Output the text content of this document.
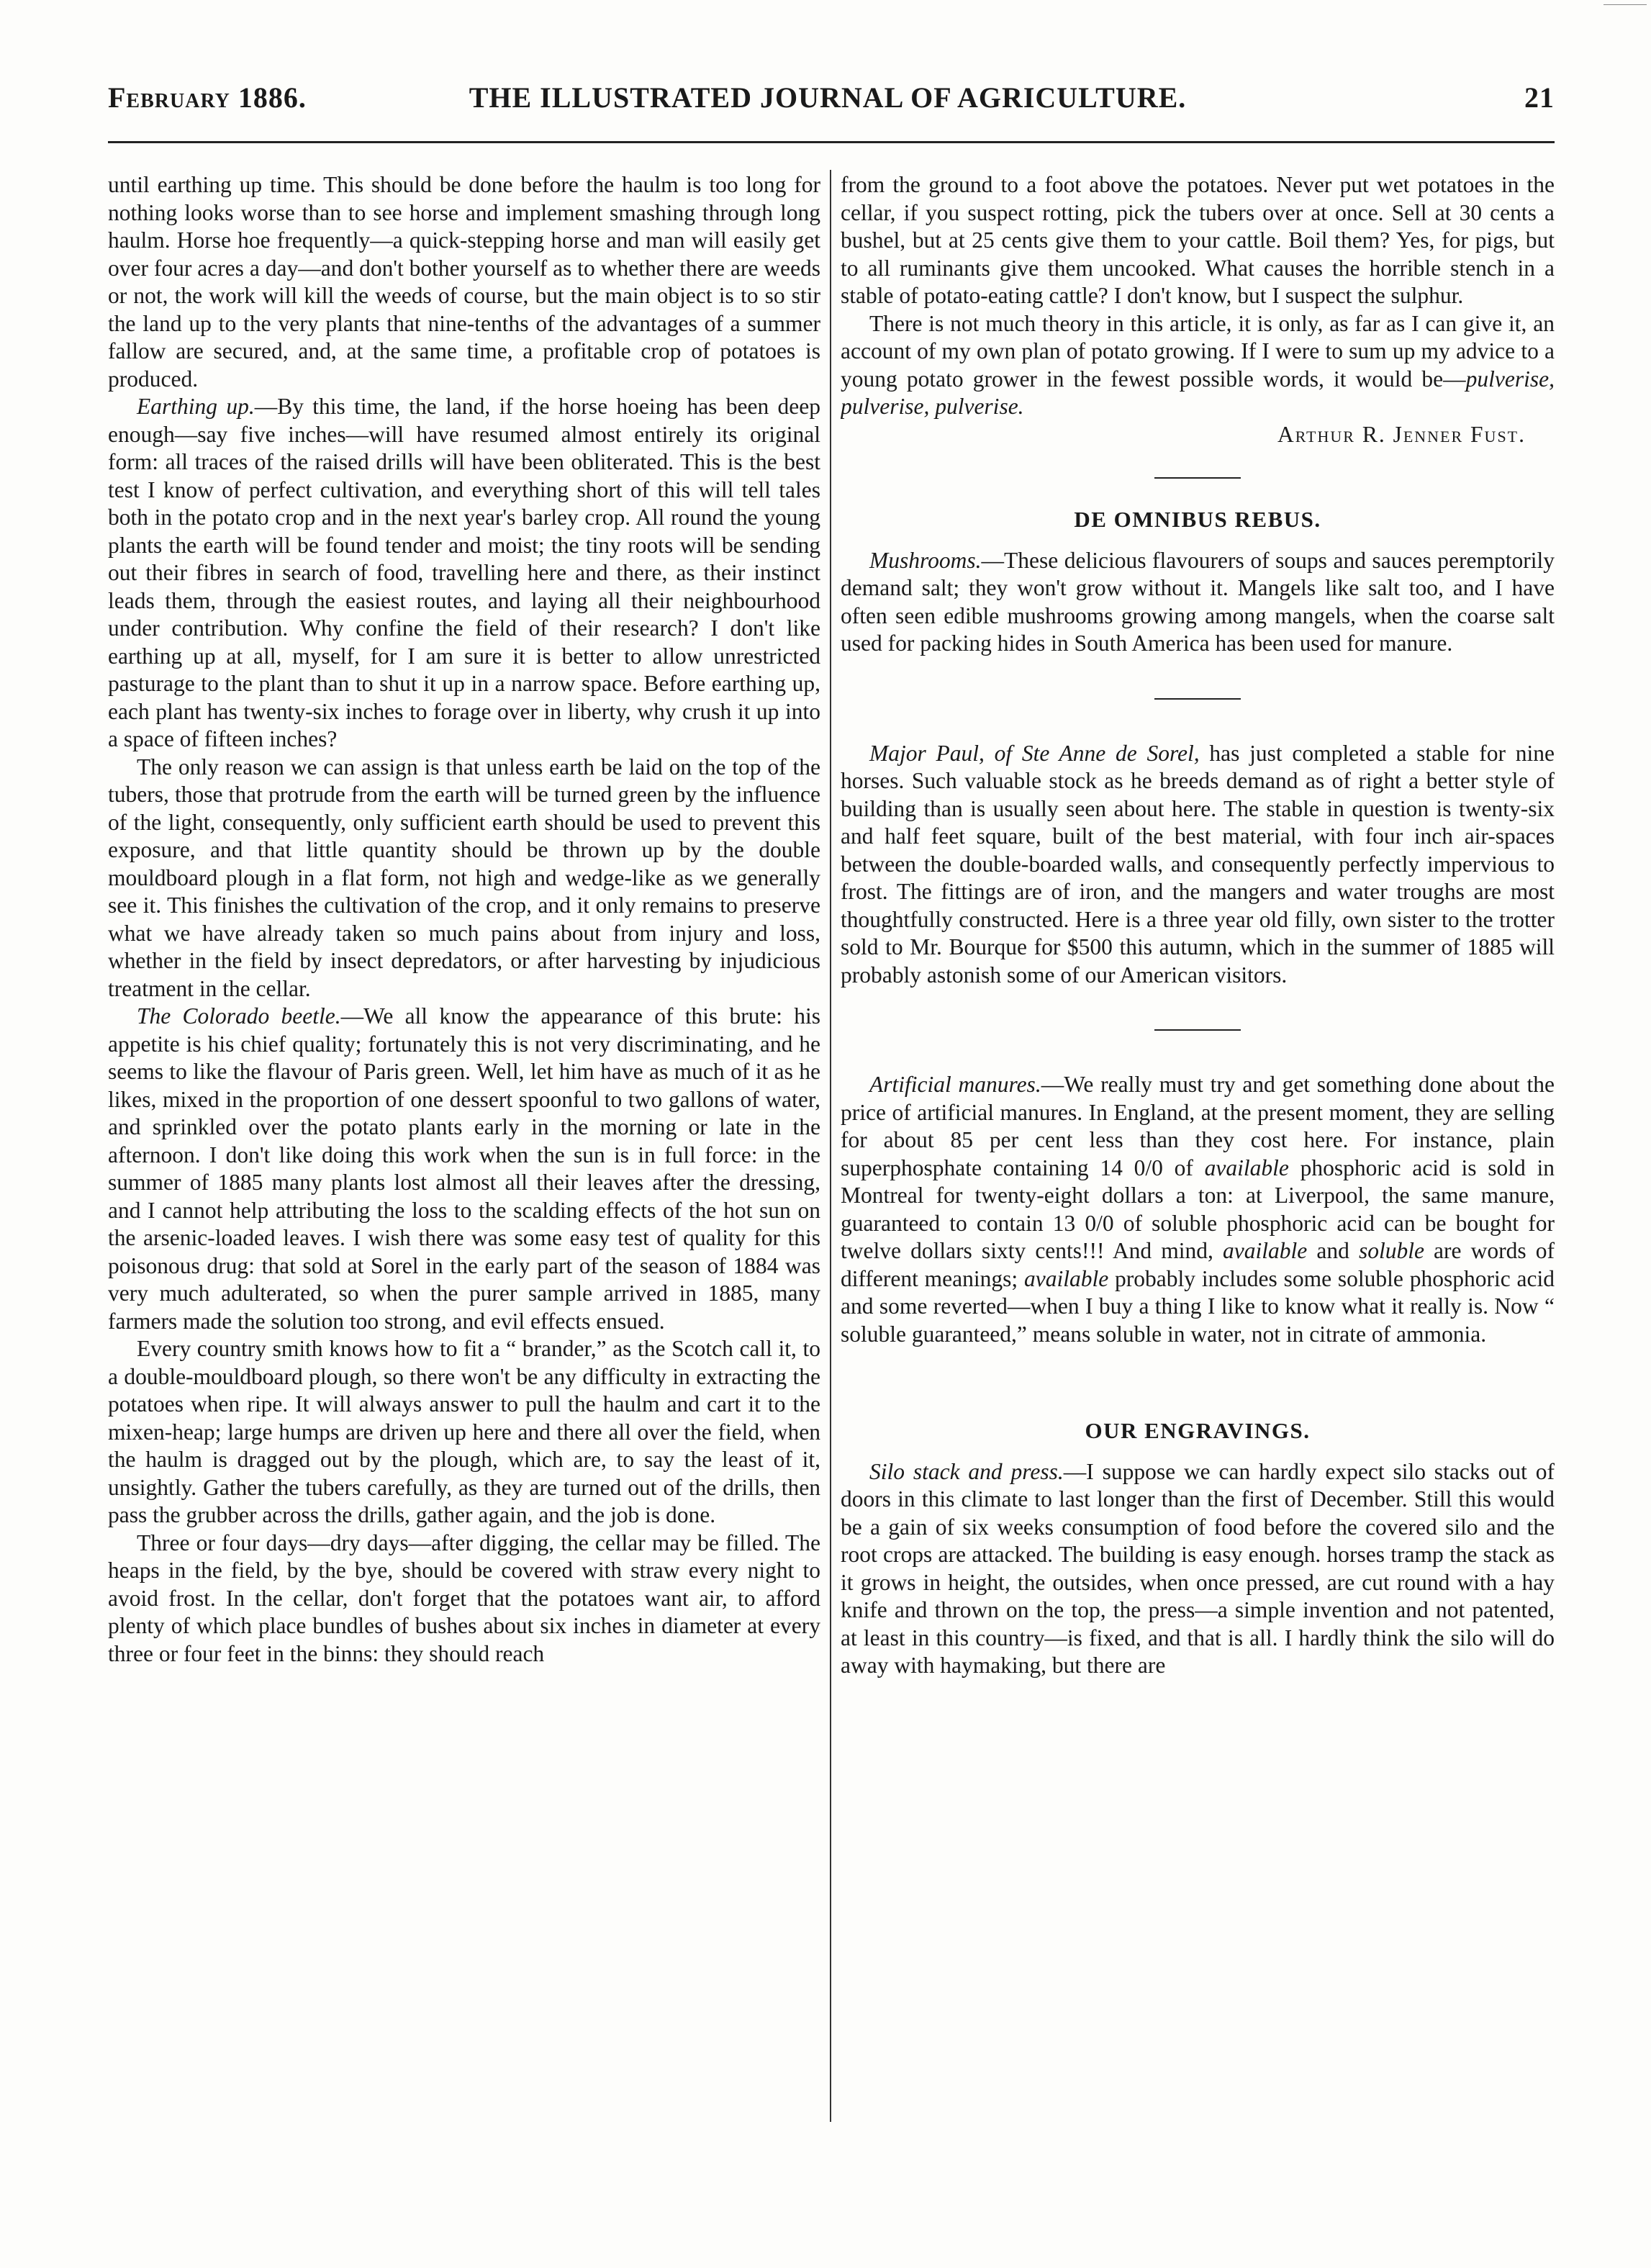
February 1886.	THE ILLUSTRATED JOURNAL OF AGRICULTURE.	21

until earthing up time. This should be done before the haulm is too long for nothing looks worse than to see horse and implement smashing through long haulm. Horse hoe frequently—a quick-stepping horse and man will easily get over four acres a day—and don't bother yourself as to whether there are weeds or not, the work will kill the weeds of course, but the main object is to so stir the land up to the very plants that nine-tenths of the advantages of a summer fallow are secured, and, at the same time, a profitable crop of potatoes is produced.

Earthing up.—By this time, the land, if the horse hoeing has been deep enough—say five inches—will have resumed almost entirely its original form: all traces of the raised drills will have been obliterated. This is the best test I know of perfect cultivation, and everything short of this will tell tales both in the potato crop and in the next year's barley crop. All round the young plants the earth will be found tender and moist; the tiny roots will be sending out their fibres in search of food, travelling here and there, as their instinct leads them, through the easiest routes, and laying all their neighbourhood under contribution. Why confine the field of their research? I don't like earthing up at all, myself, for I am sure it is better to allow unrestricted pasturage to the plant than to shut it up in a narrow space. Before earthing up, each plant has twenty-six inches to forage over in liberty, why crush it up into a space of fifteen inches?

The only reason we can assign is that unless earth be laid on the top of the tubers, those that protrude from the earth will be turned green by the influence of the light, consequently, only sufficient earth should be used to prevent this exposure, and that little quantity should be thrown up by the double mouldboard plough in a flat form, not high and wedge-like as we generally see it. This finishes the cultivation of the crop, and it only remains to preserve what we have already taken so much pains about from injury and loss, whether in the field by insect depredators, or after harvesting by injudicious treatment in the cellar.

The Colorado beetle.—We all know the appearance of this brute: his appetite is his chief quality; fortunately this is not very discriminating, and he seems to like the flavour of Paris green. Well, let him have as much of it as he likes, mixed in the proportion of one dessert spoonful to two gallons of water, and sprinkled over the potato plants early in the morning or late in the afternoon. I don't like doing this work when the sun is in full force: in the summer of 1885 many plants lost almost all their leaves after the dressing, and I cannot help attributing the loss to the scalding effects of the hot sun on the arsenic-loaded leaves. I wish there was some easy test of quality for this poisonous drug: that sold at Sorel in the early part of the season of 1884 was very much adulterated, so when the purer sample arrived in 1885, many farmers made the solution too strong, and evil effects ensued.

Every country smith knows how to fit a “ brander,” as the Scotch call it, to a double-mouldboard plough, so there won't be any difficulty in extracting the potatoes when ripe. It will always answer to pull the haulm and cart it to the mixen-heap; large humps are driven up here and there all over the field, when the haulm is dragged out by the plough, which are, to say the least of it, unsightly. Gather the tubers carefully, as they are turned out of the drills, then pass the grubber across the drills, gather again, and the job is done.

Three or four days—dry days—after digging, the cellar may be filled. The heaps in the field, by the bye, should be covered with straw every night to avoid frost. In the cellar, don't forget that the potatoes want air, to afford plenty of which place bundles of bushes about six inches in diameter at every three or four feet in the binns: they should reach

from the ground to a foot above the potatoes. Never put wet potatoes in the cellar, if you suspect rotting, pick the tubers over at once. Sell at 30 cents a bushel, but at 25 cents give them to your cattle. Boil them? Yes, for pigs, but to all ruminants give them uncooked. What causes the horrible stench in a stable of potato-eating cattle? I don't know, but I suspect the sulphur.

There is not much theory in this article, it is only, as far as I can give it, an account of my own plan of potato growing. If I were to sum up my advice to a young potato grower in the fewest possible words, it would be—pulverise, pulverise, pulverise.

Arthur R. Jenner Fust.

DE OMNIBUS REBUS.

Mushrooms.—These delicious flavourers of soups and sauces peremptorily demand salt; they won't grow without it. Mangels like salt too, and I have often seen edible mushrooms growing among mangels, when the coarse salt used for packing hides in South America has been used for manure.

Major Paul, of Ste Anne de Sorel, has just completed a stable for nine horses. Such valuable stock as he breeds demand as of right a better style of building than is usually seen about here. The stable in question is twenty-six and half feet square, built of the best material, with four inch air-spaces between the double-boarded walls, and consequently perfectly impervious to frost. The fittings are of iron, and the mangers and water troughs are most thoughtfully constructed. Here is a three year old filly, own sister to the trotter sold to Mr. Bourque for $500 this autumn, which in the summer of 1885 will probably astonish some of our American visitors.

Artificial manures.—We really must try and get something done about the price of artificial manures. In England, at the present moment, they are selling for about 85 per cent less than they cost here. For instance, plain superphosphate containing 14 0/0 of available phosphoric acid is sold in Montreal for twenty-eight dollars a ton: at Liverpool, the same manure, guaranteed to contain 13 0/0 of soluble phosphoric acid can be bought for twelve dollars sixty cents!!! And mind, available and soluble are words of different meanings; available probably includes some soluble phosphoric acid and some reverted—when I buy a thing I like to know what it really is. Now “ soluble guaranteed,” means soluble in water, not in citrate of ammonia.

OUR ENGRAVINGS.

Silo stack and press.—I suppose we can hardly expect silo stacks out of doors in this climate to last longer than the first of December. Still this would be a gain of six weeks consumption of food before the covered silo and the root crops are attacked. The building is easy enough. horses tramp the stack as it grows in height, the outsides, when once pressed, are cut round with a hay knife and thrown on the top, the press—a simple invention and not patented, at least in this country—is fixed, and that is all. I hardly think the silo will do away with haymaking, but there are
